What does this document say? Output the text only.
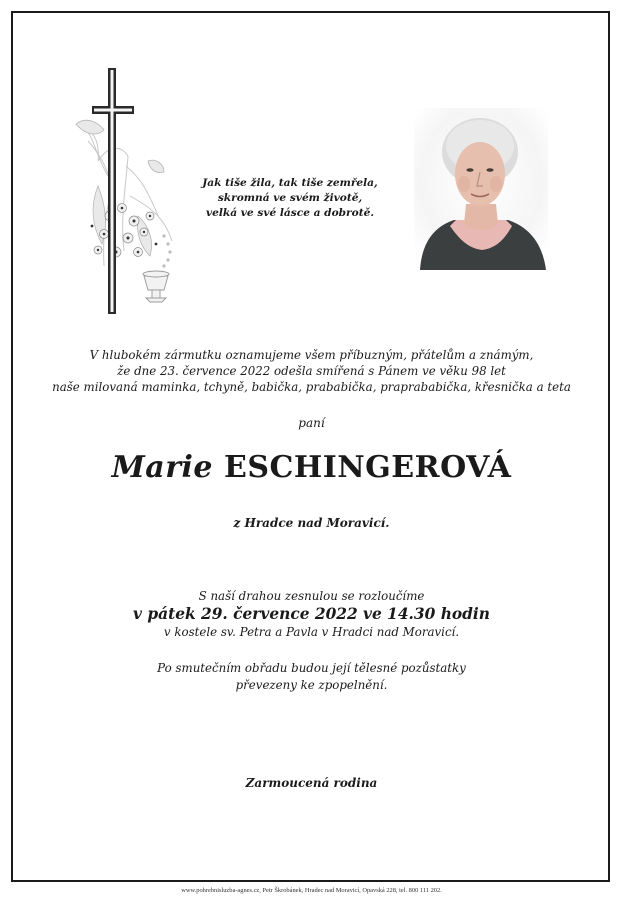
Jak tiše žila, tak tiše zemřela,
skromná ve svém životě,
velká ve své lásce a dobrotě.
V hlubokém zármutku oznamujeme všem příbuzným, přátelům a známým,
že dne 23. července 2022 odešla smířená s Pánem ve věku 98 let
naše milovaná maminka, tchyně, babička, prababička, praprababička, křesnička a teta
paní
Marie ESCHINGEROVÁ
z Hradce nad Moravicí.
S naší drahou zesnulou se rozloučíme
v pátek 29. července 2022 ve 14.30 hodin
v kostele sv. Petra a Pavla v Hradci nad Moravicí.
Po smutečním obřadu budou její tělesné pozůstatky
převezeny ke zpopelnění.
Zarmoucená rodina
www.pohrebnisluzba-agnes.cz, Petr Škrobánek, Hradec nad Moravicí, Opavská 228, tel. 800 111 202.
